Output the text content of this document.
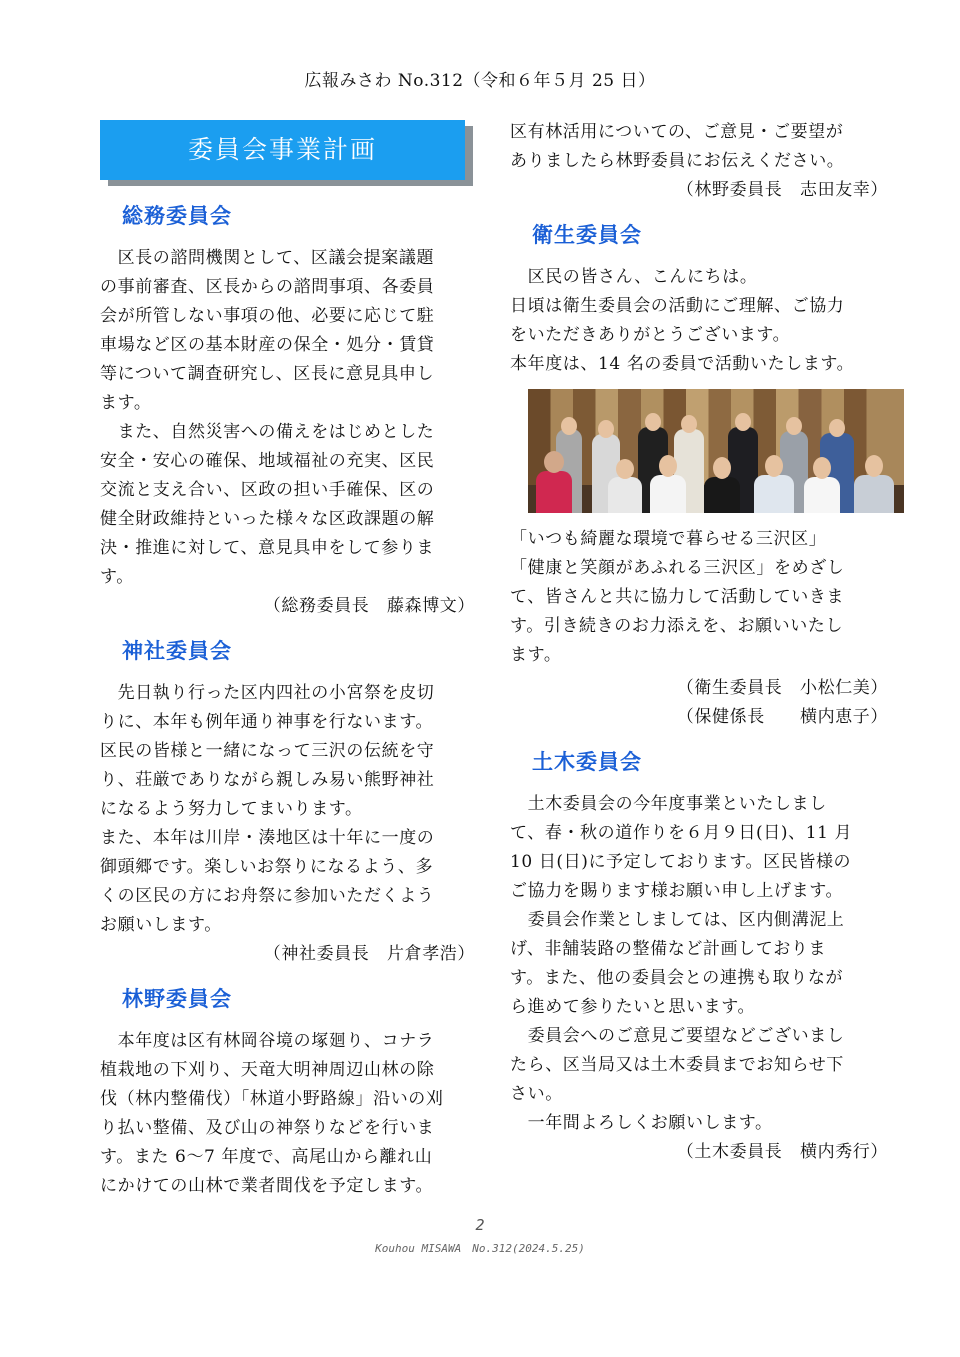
広報みさわ No.312（令和６年５月 25 日）
委員会事業計画
総務委員会

　区長の諮問機関として、区議会提案議題
の事前審査、区長からの諮問事項、各委員
会が所管しない事項の他、必要に応じて駐
車場など区の基本財産の保全・処分・賃貸
等について調査研究し、区長に意見具申し
ます。

　また、自然災害への備えをはじめとした
安全・安心の確保、地域福祉の充実、区民
交流と支え合い、区政の担い手確保、区の
健全財政維持といった様々な区政課題の解
決・推進に対して、意見具申をして参りま
す。

（総務委員長　藤森博文）

神社委員会

　先日執り行った区内四社の小宮祭を皮切
りに、本年も例年通り神事を行ないます。
区民の皆様と一緒になって三沢の伝統を守
り、荘厳でありながら親しみ易い熊野神社
になるよう努力してまいります。
また、本年は川岸・湊地区は十年に一度の
御頭郷です。楽しいお祭りになるよう、多
くの区民の方にお舟祭に参加いただくよう
お願いします。

（神社委員長　片倉孝浩）

林野委員会

　本年度は区有林岡谷境の塚廻り、コナラ
植栽地の下刈り、天竜大明神周辺山林の除
伐（林内整備伐）「林道小野路線」沿いの刈
り払い整備、及び山の神祭りなどを行いま
す。また 6～7 年度で、高尾山から離れ山
にかけての山林で業者間伐を予定します。

区有林活用についての、ご意見・ご要望が
ありましたら林野委員にお伝えください。

（林野委員長　志田友幸）

衛生委員会

　区民の皆さん、こんにちは。
日頃は衛生委員会の活動にご理解、ご協力
をいただきありがとうございます。
本年度は、14 名の委員で活動いたします。

「いつも綺麗な環境で暮らせる三沢区」
「健康と笑顔があふれる三沢区」をめざし
て、皆さんと共に協力して活動していきま
す。引き続きのお力添えを、お願いいたし
ます。

（衛生委員長　小松仁美）

（保健係長　　横内恵子）

土木委員会

　土木委員会の今年度事業といたしまし
て、春・秋の道作りを６月９日(日)、11 月
10 日(日)に予定しております。区民皆様の
ご協力を賜ります様お願い申し上げます。
　委員会作業としましては、区内側溝泥上
げ、非舗装路の整備など計画しておりま
す。また、他の委員会との連携も取りなが
ら進めて参りたいと思います。
　委員会へのご意見ご要望などございまし
たら、区当局又は土木委員までお知らせ下
さい。
　一年間よろしくお願いします。

（土木委員長　横内秀行）

2
Kouhou MISAWA　No.312(2024.5.25)
